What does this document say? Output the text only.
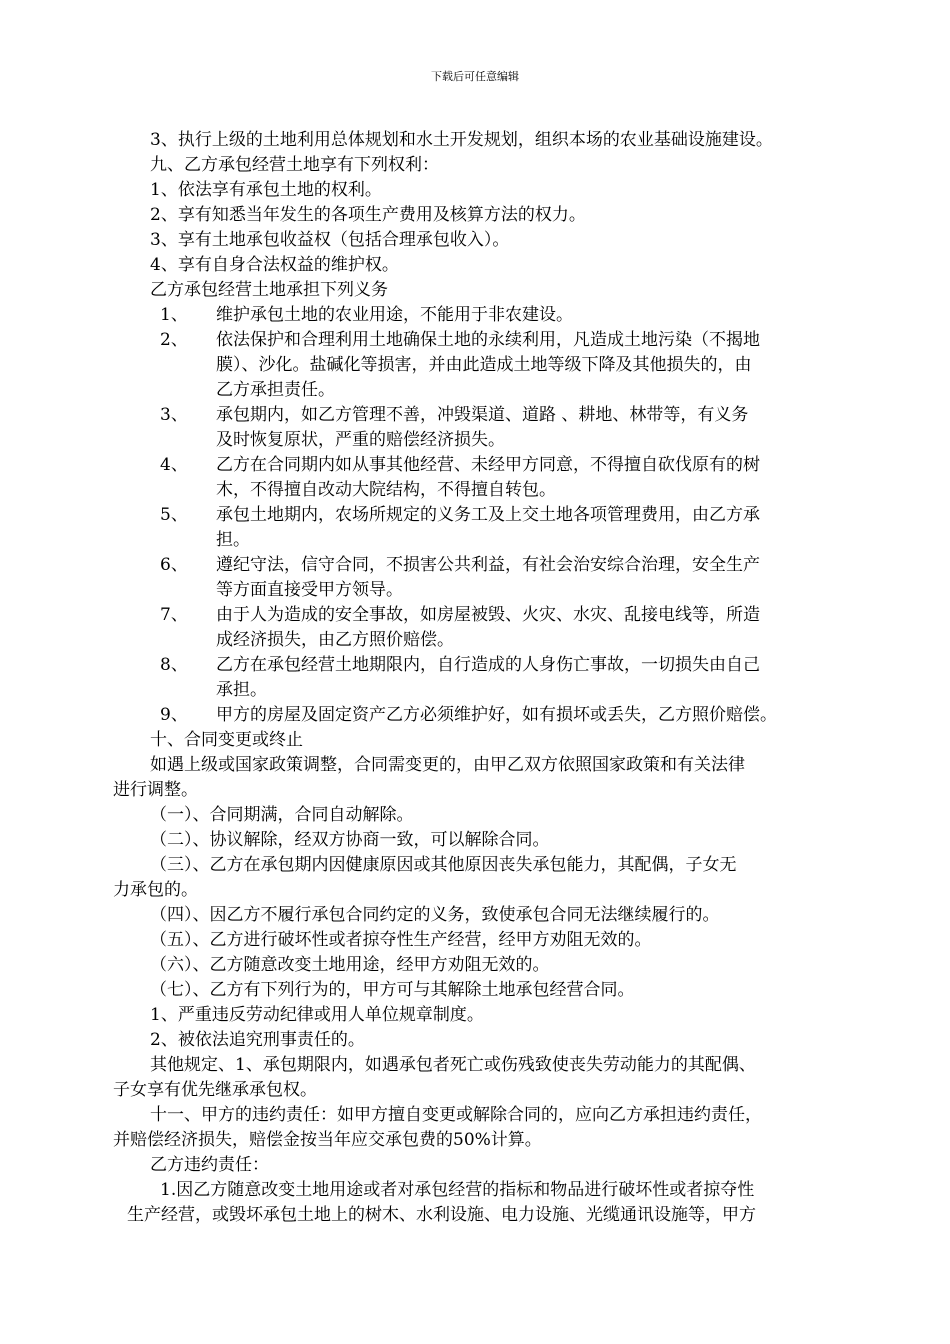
下载后可任意编辑
3、执行上级的土地利用总体规划和水土开发规划，组织本场的农业基础设施建设。
九、乙方承包经营土地享有下列权利：
1、依法享有承包土地的权利。
2、享有知悉当年发生的各项生产费用及核算方法的权力。
3、享有土地承包收益权（包括合理承包收入）。
4、享有自身合法权益的维护权。
乙方承包经营土地承担下列义务
1、 维护承包土地的农业用途，不能用于非农建设。
2、 依法保护和合理利用土地确保土地的永续利用，凡造成土地污染（不揭地
膜）、沙化。盐碱化等损害，并由此造成土地等级下降及其他损失的，由
乙方承担责任。
3、 承包期内，如乙方管理不善，冲毁渠道、道路 、耕地、林带等，有义务
及时恢复原状，严重的赔偿经济损失。
4、 乙方在合同期内如从事其他经营、未经甲方同意，不得擅自砍伐原有的树
木，不得擅自改动大院结构，不得擅自转包。
5、 承包土地期内，农场所规定的义务工及上交土地各项管理费用，由乙方承
担。
6、 遵纪守法，信守合同，不损害公共利益，有社会治安综合治理，安全生产
等方面直接受甲方领导。
7、 由于人为造成的安全事故，如房屋被毁、火灾、水灾、乱接电线等，所造
成经济损失，由乙方照价赔偿。
8、 乙方在承包经营土地期限内，自行造成的人身伤亡事故，一切损失由自己
承担。
9、 甲方的房屋及固定资产乙方必须维护好，如有损坏或丢失，乙方照价赔偿。
十、合同变更或终止
如遇上级或国家政策调整，合同需变更的，由甲乙双方依照国家政策和有关法律
进行调整。
（一）、合同期满，合同自动解除。
（二）、协议解除，经双方协商一致，可以解除合同。
（三）、乙方在承包期内因健康原因或其他原因丧失承包能力，其配偶，子女无
力承包的。
（四）、因乙方不履行承包合同约定的义务，致使承包合同无法继续履行的。
（五）、乙方进行破坏性或者掠夺性生产经营，经甲方劝阻无效的。
（六）、乙方随意改变土地用途，经甲方劝阻无效的。
（七）、乙方有下列行为的，甲方可与其解除土地承包经营合同。
1、严重违反劳动纪律或用人单位规章制度。
2、被依法追究刑事责任的。
其他规定、1、承包期限内，如遇承包者死亡或伤残致使丧失劳动能力的其配偶、
子女享有优先继承承包权。
十一、甲方的违约责任：如甲方擅自变更或解除合同的，应向乙方承担违约责任，
并赔偿经济损失，赔偿金按当年应交承包费的50%计算。
乙方违约责任：
1.因乙方随意改变土地用途或者对承包经营的指标和物品进行破坏性或者掠夺性
生产经营，或毁坏承包土地上的树木、水利设施、电力设施、光缆通讯设施等，甲方
